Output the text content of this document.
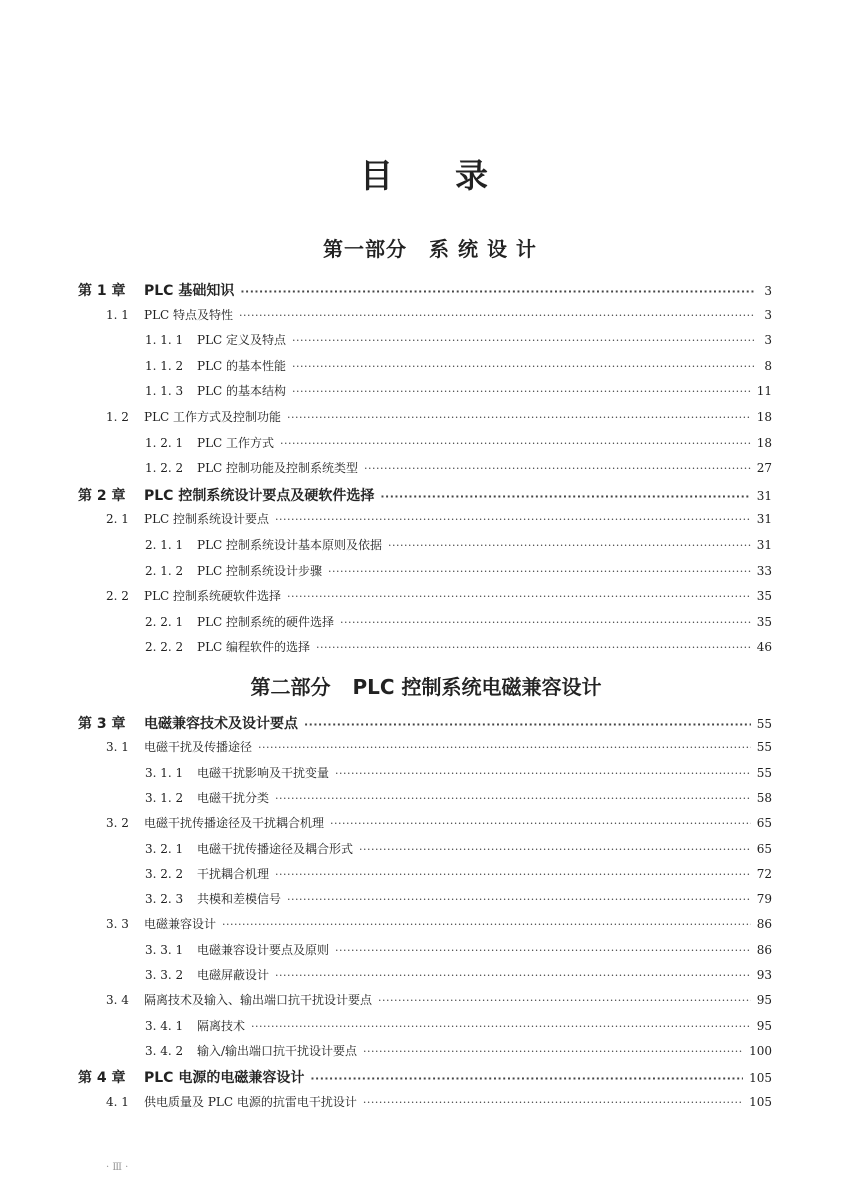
目 录
第一部分 系 统 设 计
第 1 章	PLC 基础知识 ·····	3
1. 1	PLC 特点及特性 ·····	3
1. 1. 1	PLC 定义及特点 ·····	3
1. 1. 2	PLC 的基本性能 ·····	8
1. 1. 3	PLC 的基本结构 ·····	11
1. 2	PLC 工作方式及控制功能 ·····	18
1. 2. 1	PLC 工作方式 ·····	18
1. 2. 2	PLC 控制功能及控制系统类型 ·····	27
第 2 章	PLC 控制系统设计要点及硬软件选择 ·····	31
2. 1	PLC 控制系统设计要点 ·····	31
2. 1. 1	PLC 控制系统设计基本原则及依据 ·····	31
2. 1. 2	PLC 控制系统设计步骤 ·····	33
2. 2	PLC 控制系统硬软件选择 ·····	35
2. 2. 1	PLC 控制系统的硬件选择 ·····	35
2. 2. 2	PLC 编程软件的选择 ·····	46
第二部分 PLC 控制系统电磁兼容设计
第 3 章	电磁兼容技术及设计要点 ·····	55
3. 1	电磁干扰及传播途径 ·····	55
3. 1. 1	电磁干扰影响及干扰变量 ·····	55
3. 1. 2	电磁干扰分类 ·····	58
3. 2	电磁干扰传播途径及干扰耦合机理 ·····	65
3. 2. 1	电磁干扰传播途径及耦合形式 ·····	65
3. 2. 2	干扰耦合机理 ·····	72
3. 2. 3	共模和差模信号 ·····	79
3. 3	电磁兼容设计 ·····	86
3. 3. 1	电磁兼容设计要点及原则 ·····	86
3. 3. 2	电磁屏蔽设计 ·····	93
3. 4	隔离技术及输入、输出端口抗干扰设计要点 ·····	95
3. 4. 1	隔离技术 ·····	95
3. 4. 2	输入/输出端口抗干扰设计要点 ·····	100
第 4 章	PLC 电源的电磁兼容设计 ·····	105
4. 1	供电质量及 PLC 电源的抗雷电干扰设计 ·····	105
· Ⅲ ·
